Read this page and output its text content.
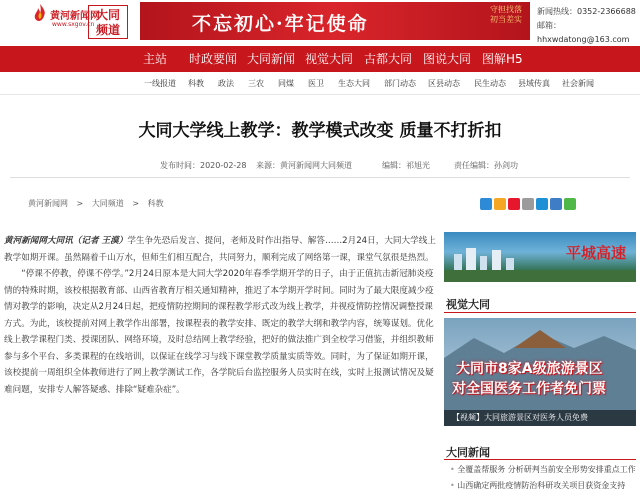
黄河新闻网
www.sxgov.cn
大同
频道	不忘初心·牢记使命
守担找落
初当差实
新闻热线：0352-2366688
邮箱：
hhxwdatong@163.com
主站 时政要闻 大同新闻 视觉大同 古都大同 图说大同 图解H5
一线报道 科教 政法 三农 同煤 医卫 生态大同 部门动态 区县动态 民生动态 县域传真 社会新闻
大同大学线上教学：教学模式改变 质量不打折扣
发布时间：2020-02-28 来源：黄河新闻网大同频道	编辑：祁旭光	责任编辑：孙剑功
黄河新闻网 > 大同频道 > 科教

黄河新闻网大同讯（记者 王漠）学生争先恐后发言、提问，老师及时作出指导、解答……2月24日，大同大学线上教学如期开课。虽然隔着千山万水，但师生们相互配合，共同努力，顺利完成了网络第一课，课堂气氛很是热烈。

“停课不停教，停课不停学。”2月24日原本是大同大学2020年春季学期开学的日子，由于正值抗击新冠肺炎疫情的特殊时期，该校根据教育部、山西省教育厅相关通知精神，推迟了本学期开学时间。同时为了最大限度减少疫情对教学的影响，决定从2月24日起，把疫情防控期间的课程教学形式改为线上教学，并视疫情防控情况调整授课方式。为此，该校提前对网上教学作出部署，按课程表的教学安排、既定的教学大纲和教学内容，统筹谋划。优化线上教学课程门类、授课团队、网络环境，及时总结网上教学经验，把好的做法推广到全校学习借鉴，并组织教师参与多个平台、多类课程的在线培训，以保证在线学习与线下课堂教学质量实质等效。同时，为了保证如期开课，该校提前一周组织全体教师进行了网上教学测试工作，各学院后台监控服务人员实时在线，实时上报测试情况及疑难问题，安排专人解答疑惑、排除“疑难杂症”。

平城高速
视觉大同
大同市8家A级旅游景区
对全国医务工作者免门票
【视频】大同旅游景区对医务人员免费
大同新闻
• 全覆盖帮服务 分析研判当前安全形势安排重点工作
• 山西确定两批疫情防治科研攻关项目获资金支持
